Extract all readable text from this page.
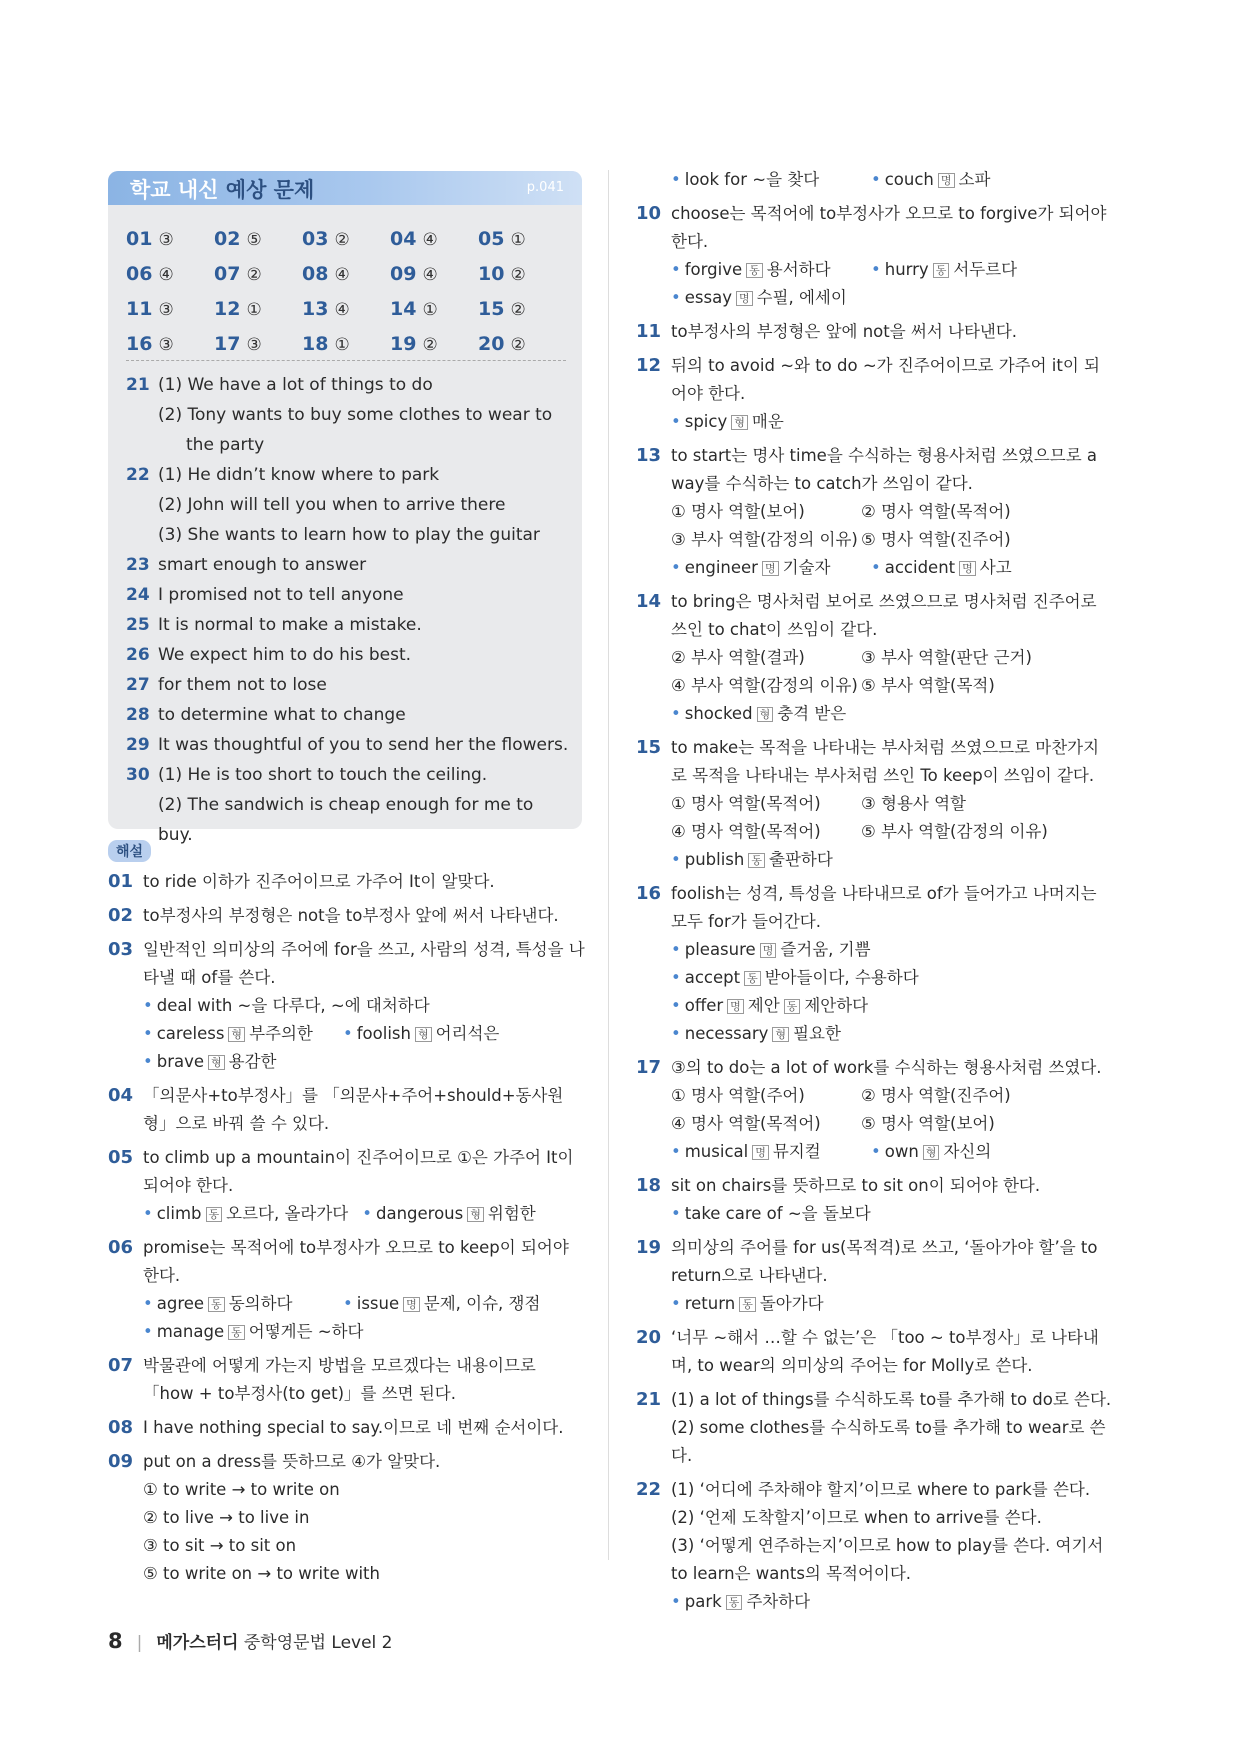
학교 내신 예상 문제	p.041
01 ③	02 ⑤	03 ②	04 ④	05 ①
06 ④	07 ②	08 ④	09 ④	10 ②
11 ③	12 ①	13 ④	14 ①	15 ②
16 ③	17 ③	18 ①	19 ②	20 ②
21 (1) We have a lot of things to do
(2) Tony wants to buy some clothes to wear to
the party
22 (1) He didn’t know where to park
(2) John will tell you when to arrive there
(3) She wants to learn how to play the guitar
23 smart enough to answer
24 I promised not to tell anyone
25 It is normal to make a mistake.
26 We expect him to do his best.
27 for them not to lose
28 to determine what to change
29 It was thoughtful of you to send her the flowers.
30 (1) He is too short to touch the ceiling.
(2) The sandwich is cheap enough for me to buy.
해설
01 to ride 이하가 진주어이므로 가주어 It이 알맞다.
02 to부정사의 부정형은 not을 to부정사 앞에 써서 나타낸다.
03 일반적인 의미상의 주어에 for을 쓰고, 사람의 성격, 특성을 나타낼 때 of를 쓴다.
• deal with ~을 다루다, ~에 대처하다
• careless 형 부주의한	• foolish 형 어리석은
• brave 형 용감한
04 「의문사+to부정사」를 「의문사+주어+should+동사원형」으로 바꿔 쓸 수 있다.
05 to climb up a mountain이 진주어이므로 ①은 가주어 It이 되어야 한다.
• climb 동 오르다, 올라가다 • dangerous 형 위험한
06 promise는 목적어에 to부정사가 오므로 to keep이 되어야 한다.
• agree 동 동의하다	• issue 명 문제, 이슈, 쟁점
• manage 동 어떻게든 ~하다
07 박물관에 어떻게 가는지 방법을 모르겠다는 내용이므로 「how + to부정사(to get)」를 쓰면 된다.
08 I have nothing special to say.이므로 네 번째 순서이다.
09 put on a dress를 뜻하므로 ④가 알맞다.
① to write → to write on
② to live → to live in
③ to sit → to sit on
⑤ to write on → to write with
• look for ~을 찾다	• couch 명 소파
10 choose는 목적어에 to부정사가 오므로 to forgive가 되어야 한다.
• forgive 동 용서하다	• hurry 동 서두르다
• essay 명 수필, 에세이
11 to부정사의 부정형은 앞에 not을 써서 나타낸다.
12 뒤의 to avoid ~와 to do ~가 진주어이므로 가주어 it이 되어야 한다.
• spicy 형 매운
13 to start는 명사 time을 수식하는 형용사처럼 쓰였으므로 a way를 수식하는 to catch가 쓰임이 같다.
① 명사 역할(보어)	② 명사 역할(목적어)
③ 부사 역할(감정의 이유) ⑤ 명사 역할(진주어)
• engineer 명 기술자	• accident 명 사고
14 to bring은 명사처럼 보어로 쓰였으므로 명사처럼 진주어로 쓰인 to chat이 쓰임이 같다.
② 부사 역할(결과)	③ 부사 역할(판단 근거)
④ 부사 역할(감정의 이유) ⑤ 부사 역할(목적)
• shocked 형 충격 받은
15 to make는 목적을 나타내는 부사처럼 쓰였으므로 마찬가지로 목적을 나타내는 부사처럼 쓰인 To keep이 쓰임이 같다.
① 명사 역할(목적어)	③ 형용사 역할
④ 명사 역할(목적어)	⑤ 부사 역할(감정의 이유)
• publish 동 출판하다
16 foolish는 성격, 특성을 나타내므로 of가 들어가고 나머지는 모두 for가 들어간다.
• pleasure 명 즐거움, 기쁨
• accept 동 받아들이다, 수용하다
• offer 명 제안 동 제안하다
• necessary 형 필요한
17 ③의 to do는 a lot of work를 수식하는 형용사처럼 쓰였다.
① 명사 역할(주어)	② 명사 역할(진주어)
④ 명사 역할(목적어)	⑤ 명사 역할(보어)
• musical 명 뮤지컬	• own 형 자신의
18 sit on chairs를 뜻하므로 to sit on이 되어야 한다.
• take care of ~을 돌보다
19 의미상의 주어를 for us(목적격)로 쓰고, ‘돌아가야 할’을 to return으로 나타낸다.
• return 동 돌아가다
20 ‘너무 ~해서 …할 수 없는’은 「too ~ to부정사」로 나타내며, to wear의 의미상의 주어는 for Molly로 쓴다.
21 (1) a lot of things를 수식하도록 to를 추가해 to do로 쓴다.
(2) some clothes를 수식하도록 to를 추가해 to wear로 쓴다.
22 (1) ‘어디에 주차해야 할지’이므로 where to park를 쓴다.
(2) ‘언제 도착할지’이므로 when to arrive를 쓴다.
(3) ‘어떻게 연주하는지’이므로 how to play를 쓴다. 여기서 to learn은 wants의 목적어이다.
• park 동 주차하다
8 | 메가스터디 중학영문법 Level 2
